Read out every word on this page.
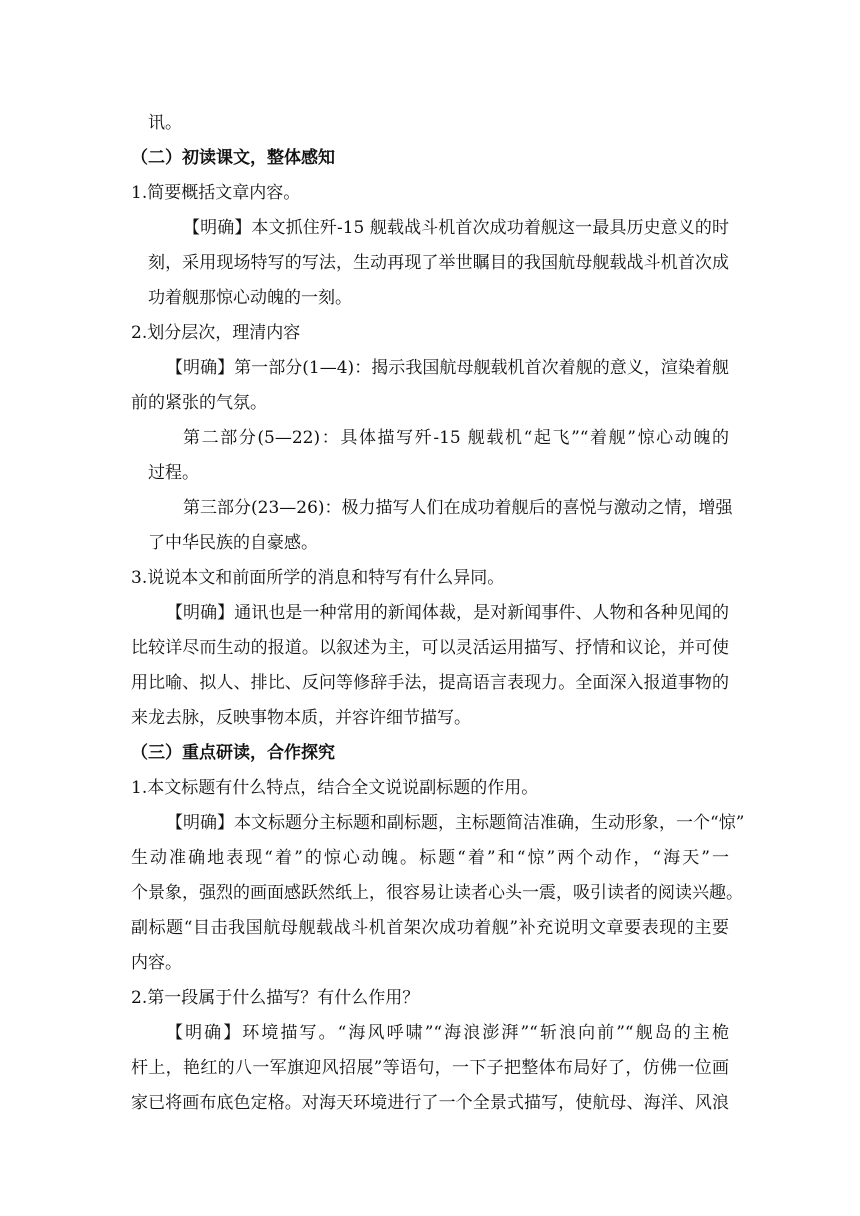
讯。
（二）初读课文，整体感知
1.简要概括文章内容。
【明确】本文抓住歼-15 舰载战斗机首次成功着舰这一最具历史意义的时
刻，采用现场特写的写法，生动再现了举世瞩目的我国航母舰载战斗机首次成
功着舰那惊心动魄的一刻。
2.划分层次，理清内容
【明确】第一部分(1—4)：揭示我国航母舰载机首次着舰的意义，渲染着舰
前的紧张的气氛。
第二部分(5—22)：具体描写歼-15 舰载机“起飞”“着舰”惊心动魄的
过程。
第三部分(23—26)：极力描写人们在成功着舰后的喜悦与激动之情，增强
了中华民族的自豪感。
3.说说本文和前面所学的消息和特写有什么异同。
【明确】通讯也是一种常用的新闻体裁，是对新闻事件、人物和各种见闻的
比较详尽而生动的报道。以叙述为主，可以灵活运用描写、抒情和议论，并可使
用比喻、拟人、排比、反问等修辞手法，提高语言表现力。全面深入报道事物的
来龙去脉，反映事物本质，并容许细节描写。
（三）重点研读，合作探究
1.本文标题有什么特点，结合全文说说副标题的作用。
【明确】本文标题分主标题和副标题，主标题简洁准确，生动形象，一个“惊”
生动准确地表现“着”的惊心动魄。标题“着”和“惊”两个动作，“海天”一
个景象，强烈的画面感跃然纸上，很容易让读者心头一震，吸引读者的阅读兴趣。
副标题“目击我国航母舰载战斗机首架次成功着舰”补充说明文章要表现的主要
内容。
2.第一段属于什么描写？有什么作用？
【明确】环境描写。“海风呼啸”“海浪澎湃”“斩浪向前”“舰岛的主桅
杆上，艳红的八一军旗迎风招展”等语句，一下子把整体布局好了，仿佛一位画
家已将画布底色定格。对海天环境进行了一个全景式描写，使航母、海洋、风浪
